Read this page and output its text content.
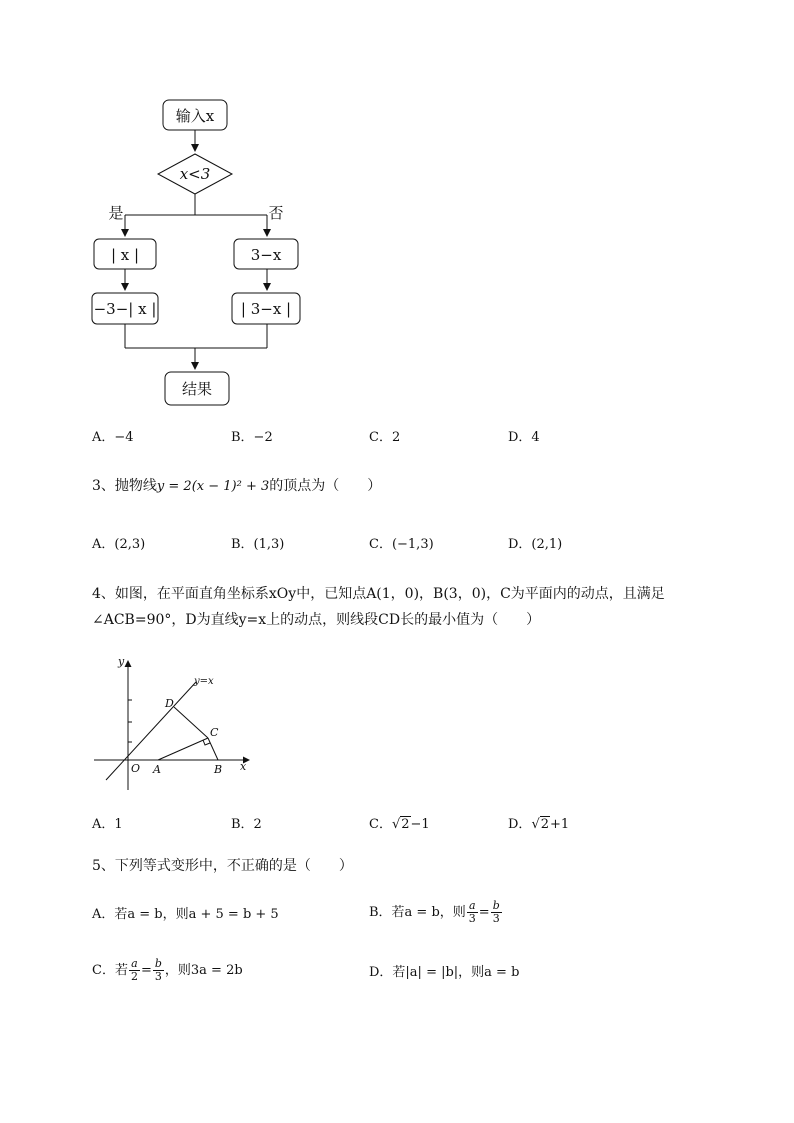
输入x
x<3
是	否
| x |	3−x
−3−| x |	| 3−x |
结果
A．−4	B．−2	C．2	D．4
3、抛物线y = 2(x − 1)² + 3的顶点为（　　）
A．(2,3)	B．(1,3)	C．(−1,3)	D．(2,1)
4、如图，在平面直角坐标系xOy中，已知点A(1，0)，B(3，0)，C为平面内的动点，且满足
∠ACB=90°，D为直线y=x上的动点，则线段CD长的最小值为（　　）
y
x
y=x
D
C
O A	B
A．1	B．2	C．√2−1	D．√2+1
5、下列等式变形中，不正确的是（　　）
A．若a = b，则a + 5 = b + 5	B．若a = b，则 $\frac{a}{3} = \frac{b}{3}$
C．若 $\frac{a}{2} = \frac{b}{3}$ ，则3a = 2b	D．若|a| = |b|，则a = b
